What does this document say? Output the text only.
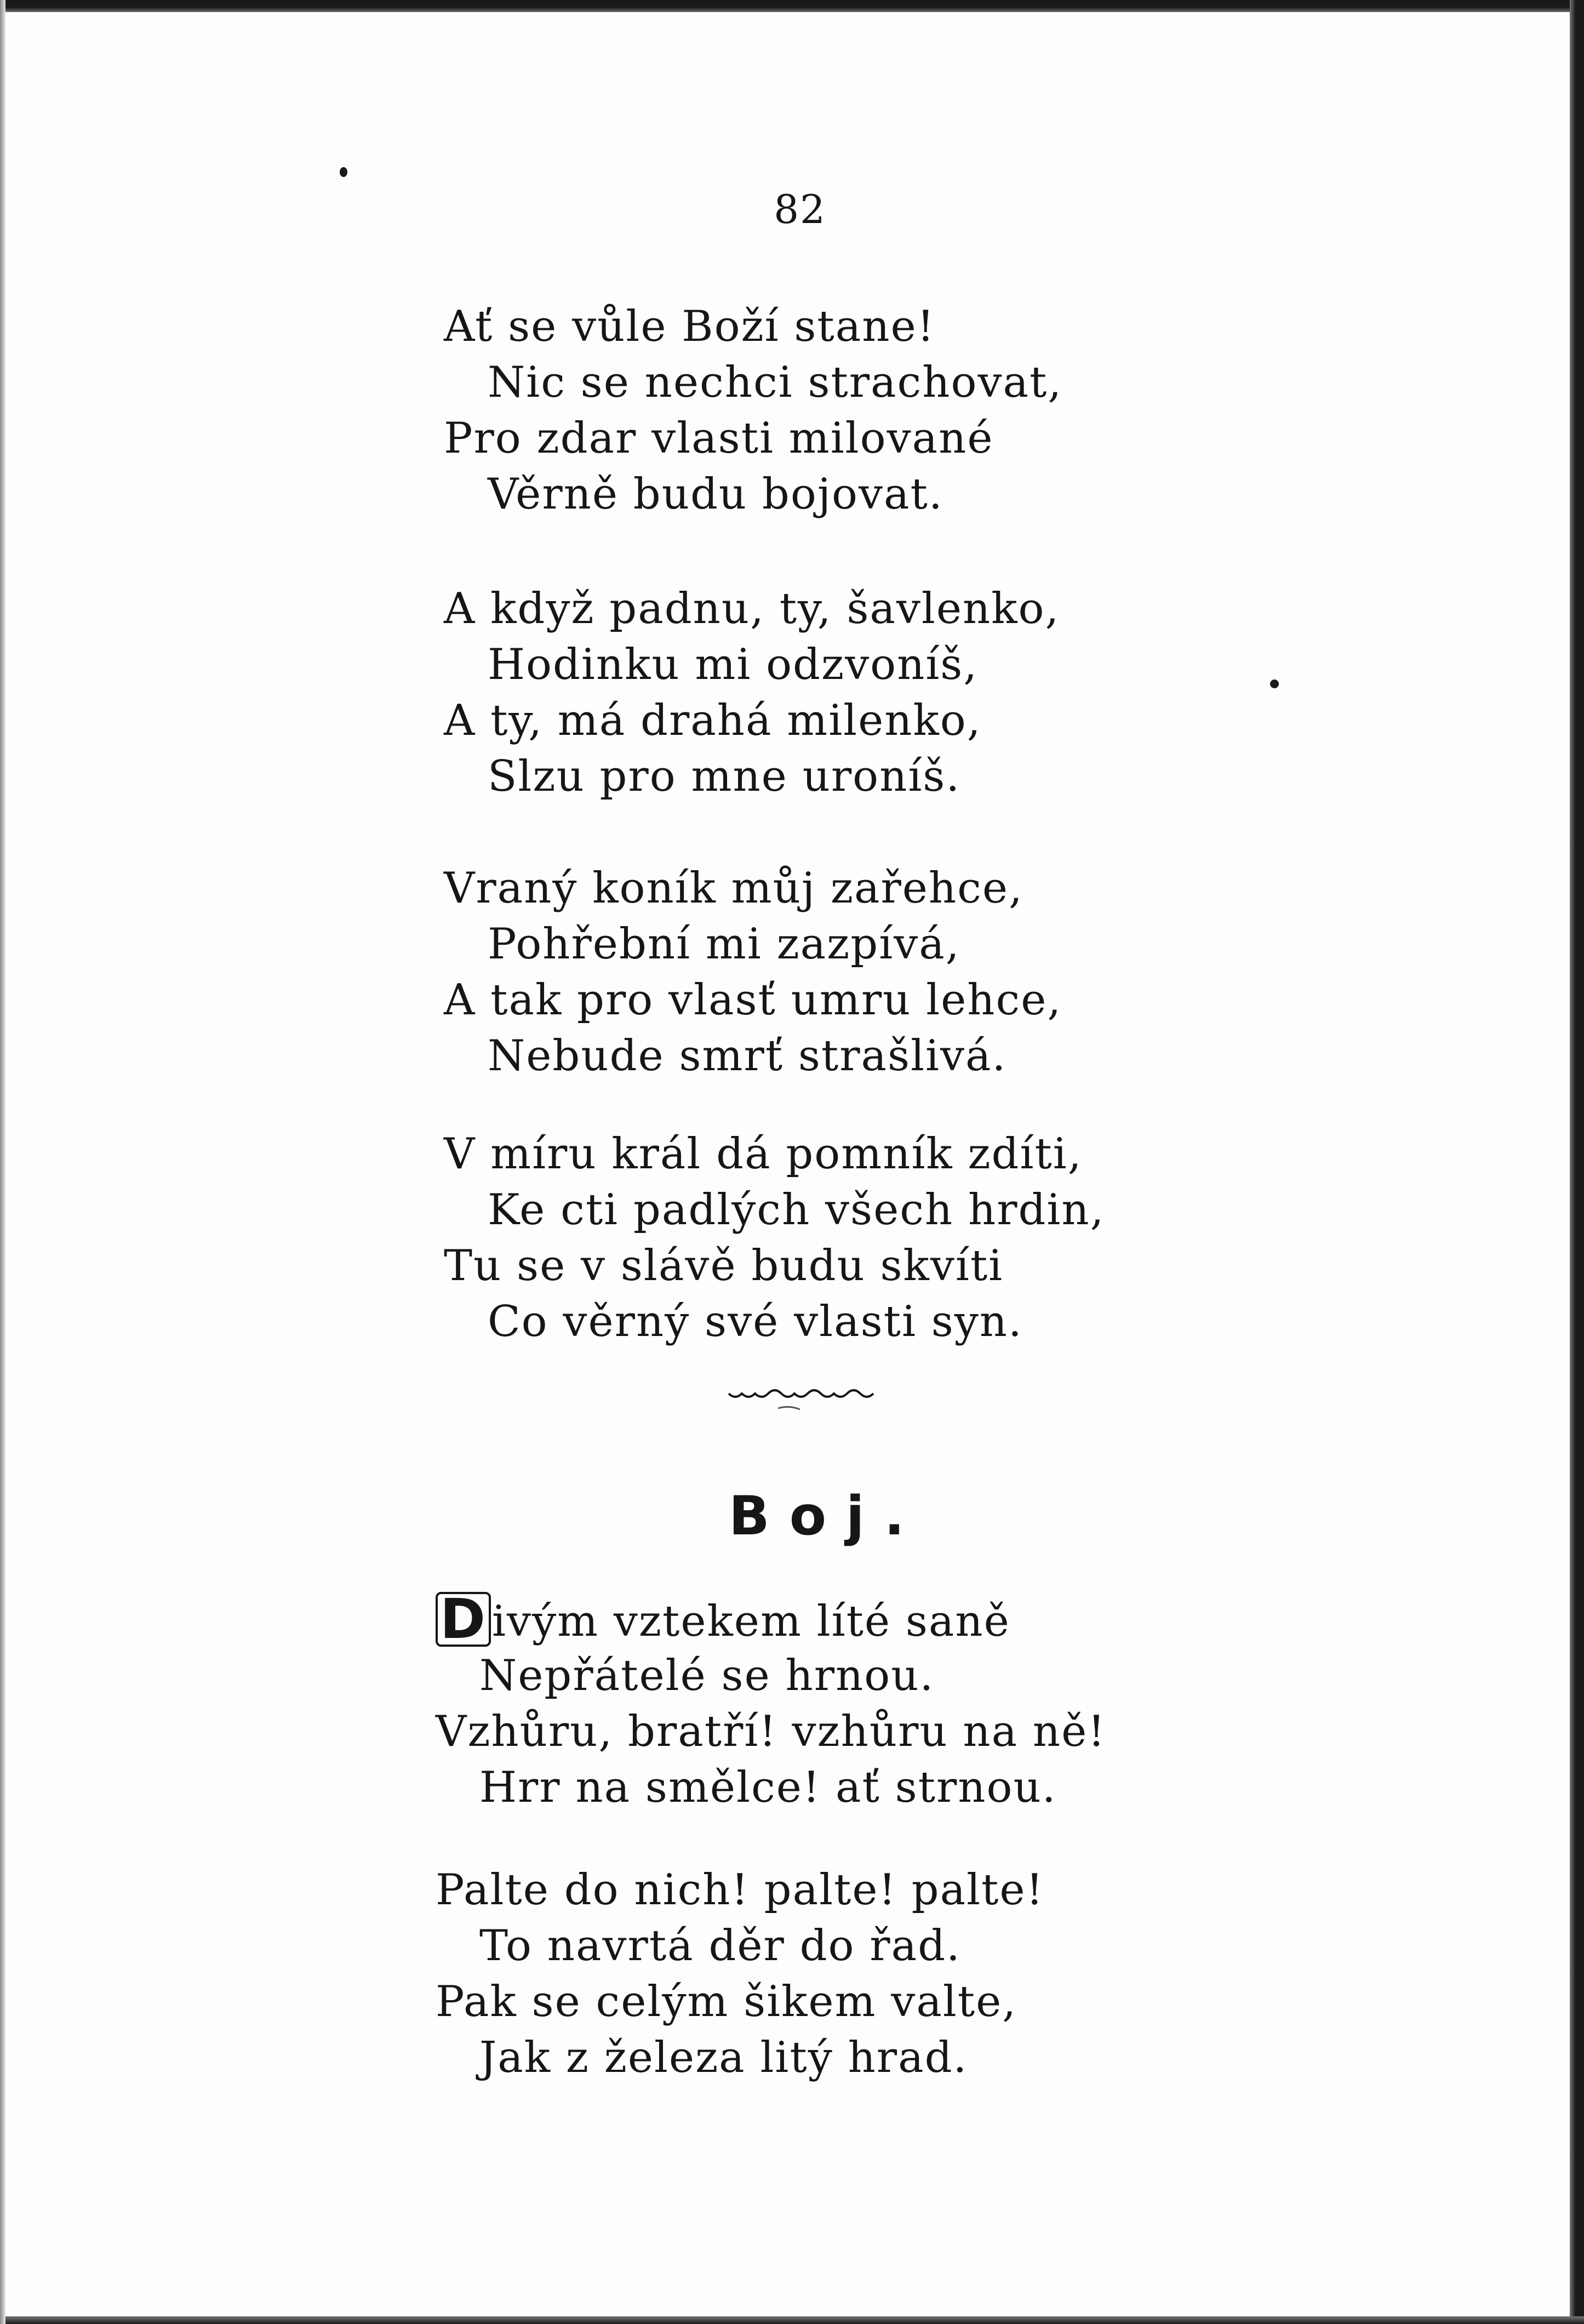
82
Ať se vůle Boží stane!
Nic se nechci strachovat,
Pro zdar vlasti milované
Věrně budu bojovat.
A když padnu, ty, šavlenko,
Hodinku mi odzvoníš,
A ty, má drahá milenko,
Slzu pro mne uroníš.
Vraný koník můj zařehce,
Pohřební mi zazpívá,
A tak pro vlasť umru lehce,
Nebude smrť strašlivá.
V míru král dá pomník zdíti,
Ke cti padlých všech hrdin,
Tu se v slávě budu skvíti
Co věrný své vlasti syn.
Boj.
D ivým vztekem líté saně
Nepřátelé se hrnou.
Vzhůru, bratří! vzhůru na ně!
Hrr na smělce! ať strnou.
Palte do nich! palte! palte!
To navrtá děr do řad.
Pak se celým šikem valte,
Jak z železa litý hrad.
